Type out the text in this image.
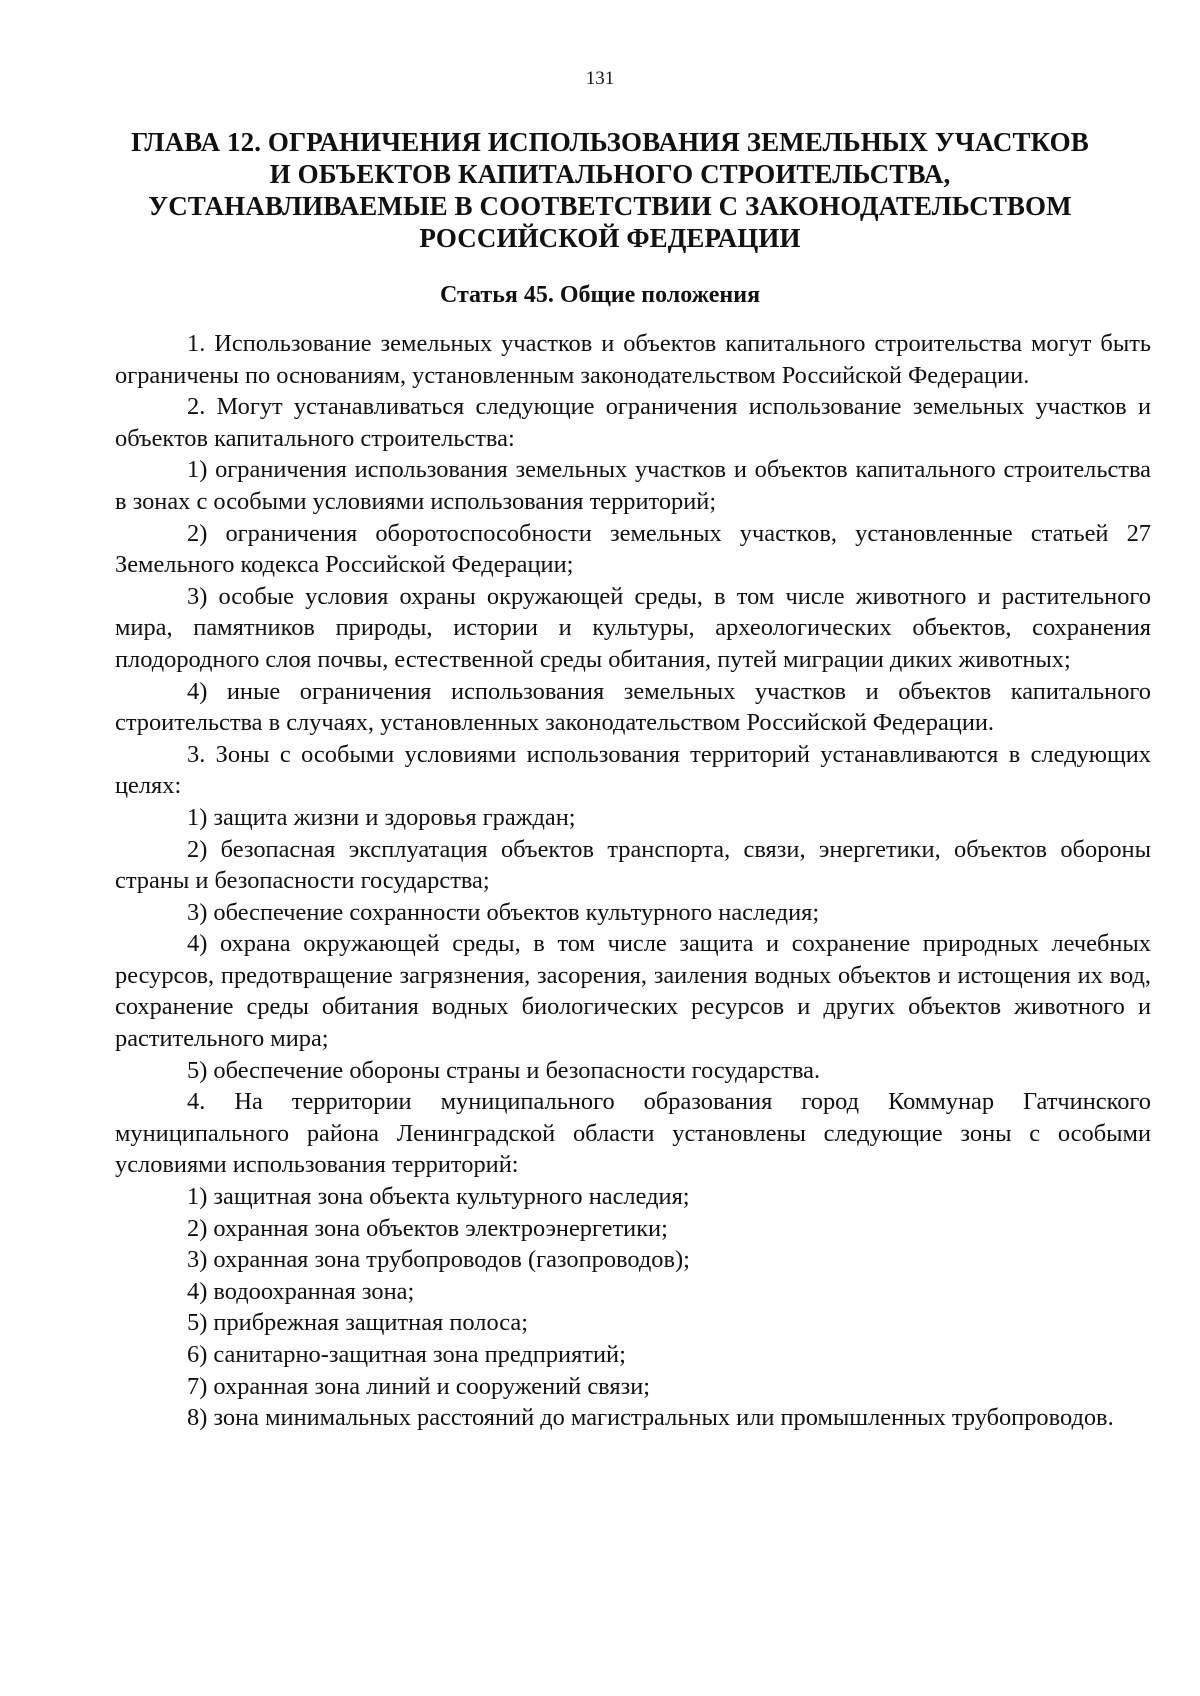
131
ГЛАВА 12. ОГРАНИЧЕНИЯ ИСПОЛЬЗОВАНИЯ ЗЕМЕЛЬНЫХ УЧАСТКОВ
И ОБЪЕКТОВ КАПИТАЛЬНОГО СТРОИТЕЛЬСТВА,
УСТАНАВЛИВАЕМЫЕ В СООТВЕТСТВИИ С ЗАКОНОДАТЕЛЬСТВОМ
РОССИЙСКОЙ ФЕДЕРАЦИИ
Статья 45. Общие положения

1. Использование земельных участков и объектов капитального строительства могут быть ограничены по основаниям, установленным законодательством Российской Федерации.

2. Могут устанавливаться следующие ограничения использование земельных участков и объектов капитального строительства:

1) ограничения использования земельных участков и объектов капитального строительства в зонах с особыми условиями использования территорий;

2) ограничения оборотоспособности земельных участков, установленные статьей 27 Земельного кодекса Российской Федерации;

3) особые условия охраны окружающей среды, в том числе животного и растительного мира, памятников природы, истории и культуры, археологических объектов, сохранения плодородного слоя почвы, естественной среды обитания, путей миграции диких животных;

4) иные ограничения использования земельных участков и объектов капитального строительства в случаях, установленных законодательством Российской Федерации.

3. Зоны с особыми условиями использования территорий устанавливаются в следующих целях:

1) защита жизни и здоровья граждан;

2) безопасная эксплуатация объектов транспорта, связи, энергетики, объектов обороны страны и безопасности государства;

3) обеспечение сохранности объектов культурного наследия;

4) охрана окружающей среды, в том числе защита и сохранение природных лечебных ресурсов, предотвращение загрязнения, засорения, заиления водных объектов и истощения их вод, сохранение среды обитания водных биологических ресурсов и других объектов животного и растительного мира;

5) обеспечение обороны страны и безопасности государства.

4. На территории муниципального образования город Коммунар Гатчинского муниципального района Ленинградской области установлены следующие зоны с особыми условиями использования территорий:

1) защитная зона объекта культурного наследия;

2) охранная зона объектов электроэнергетики;

3) охранная зона трубопроводов (газопроводов);

4) водоохранная зона;

5) прибрежная защитная полоса;

6) санитарно-защитная зона предприятий;

7) охранная зона линий и сооружений связи;

8) зона минимальных расстояний до магистральных или промышленных трубопроводов.
